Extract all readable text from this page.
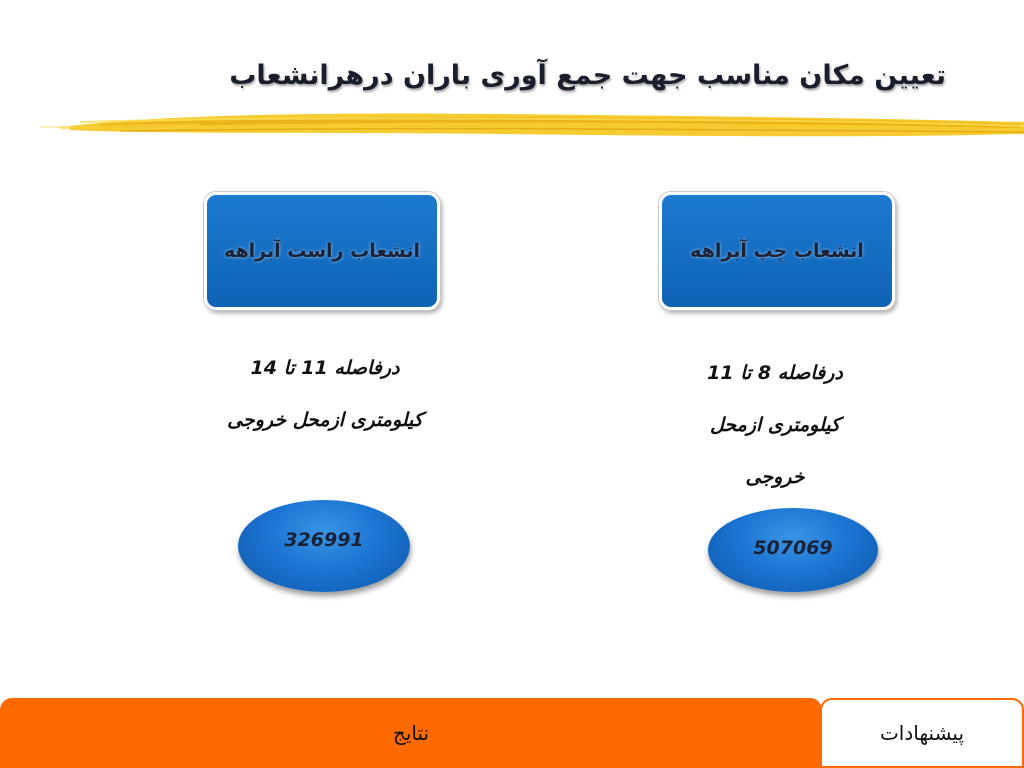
تعیین مکان مناسب جهت جمع آوری باران درهرانشعاب
انشعاب راست آبراهه
درفاصله 11 تا 14
کیلومتری ازمحل خروجی
326991
انشعاب چپ آبراهه
درفاصله 8 تا 11
کیلومتری ازمحل
خروجی
507069
نتایج	پیشنهادات
